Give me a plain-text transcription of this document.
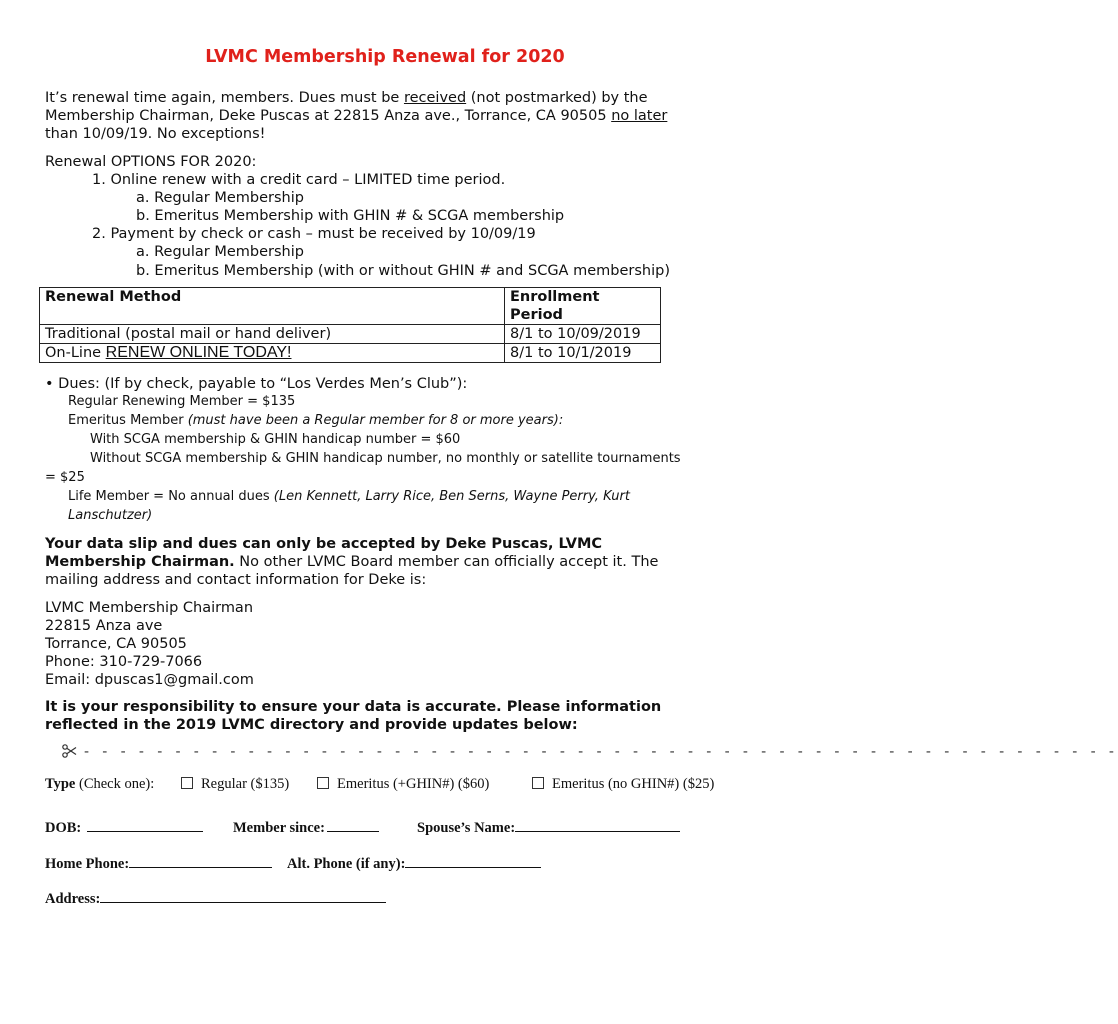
LVMC Membership Renewal for 2020
It’s renewal time again, members. Dues must be received (not postmarked) by the
Membership Chairman, Deke Puscas at 22815 Anza ave., Torrance, CA 90505 no later
than 10/09/19. No exceptions!
Renewal OPTIONS FOR 2020:
1. Online renew with a credit card – LIMITED time period.
a. Regular Membership
b. Emeritus Membership with GHIN # & SCGA membership
2. Payment by check or cash – must be received by 10/09/19
a. Regular Membership
b. Emeritus Membership (with or without GHIN # and SCGA membership)
Renewal Method	Enrollment
Period

Traditional (postal mail or hand deliver)	8/1 to 10/09/2019
On-Line RENEW ONLINE TODAY!	8/1 to 10/1/2019
• Dues: (If by check, payable to “Los Verdes Men’s Club”):
Regular Renewing Member = $135
Emeritus Member (must have been a Regular member for 8 or more years):
With SCGA membership & GHIN handicap number = $60
Without SCGA membership & GHIN handicap number, no monthly or satellite tournaments
= $25
Life Member = No annual dues (Len Kennett, Larry Rice, Ben Serns, Wayne Perry, Kurt
Lanschutzer)
Your data slip and dues can only be accepted by Deke Puscas, LVMC
Membership Chairman. No other LVMC Board member can officially accept it. The
mailing address and contact information for Deke is:
LVMC Membership Chairman
22815 Anza ave
Torrance, CA 90505
Phone: 310-729-7066
Email: dpuscas1@gmail.com
It is your responsibility to ensure your data is accurate. Please information
reflected in the 2019 LVMC directory and provide updates below:
- - - - - - - - - - - - - - - - - - - - - - - - - - - - - - - - - - - - - - - - - - - - - - - - - - - - - - - - -
Type (Check one):	Regular ($135)	Emeritus (+GHIN#) ($60)	Emeritus (no GHIN#) ($25)
DOB:	Member since:	Spouse’s Name:
Home Phone:	Alt. Phone (if any):
Address:
